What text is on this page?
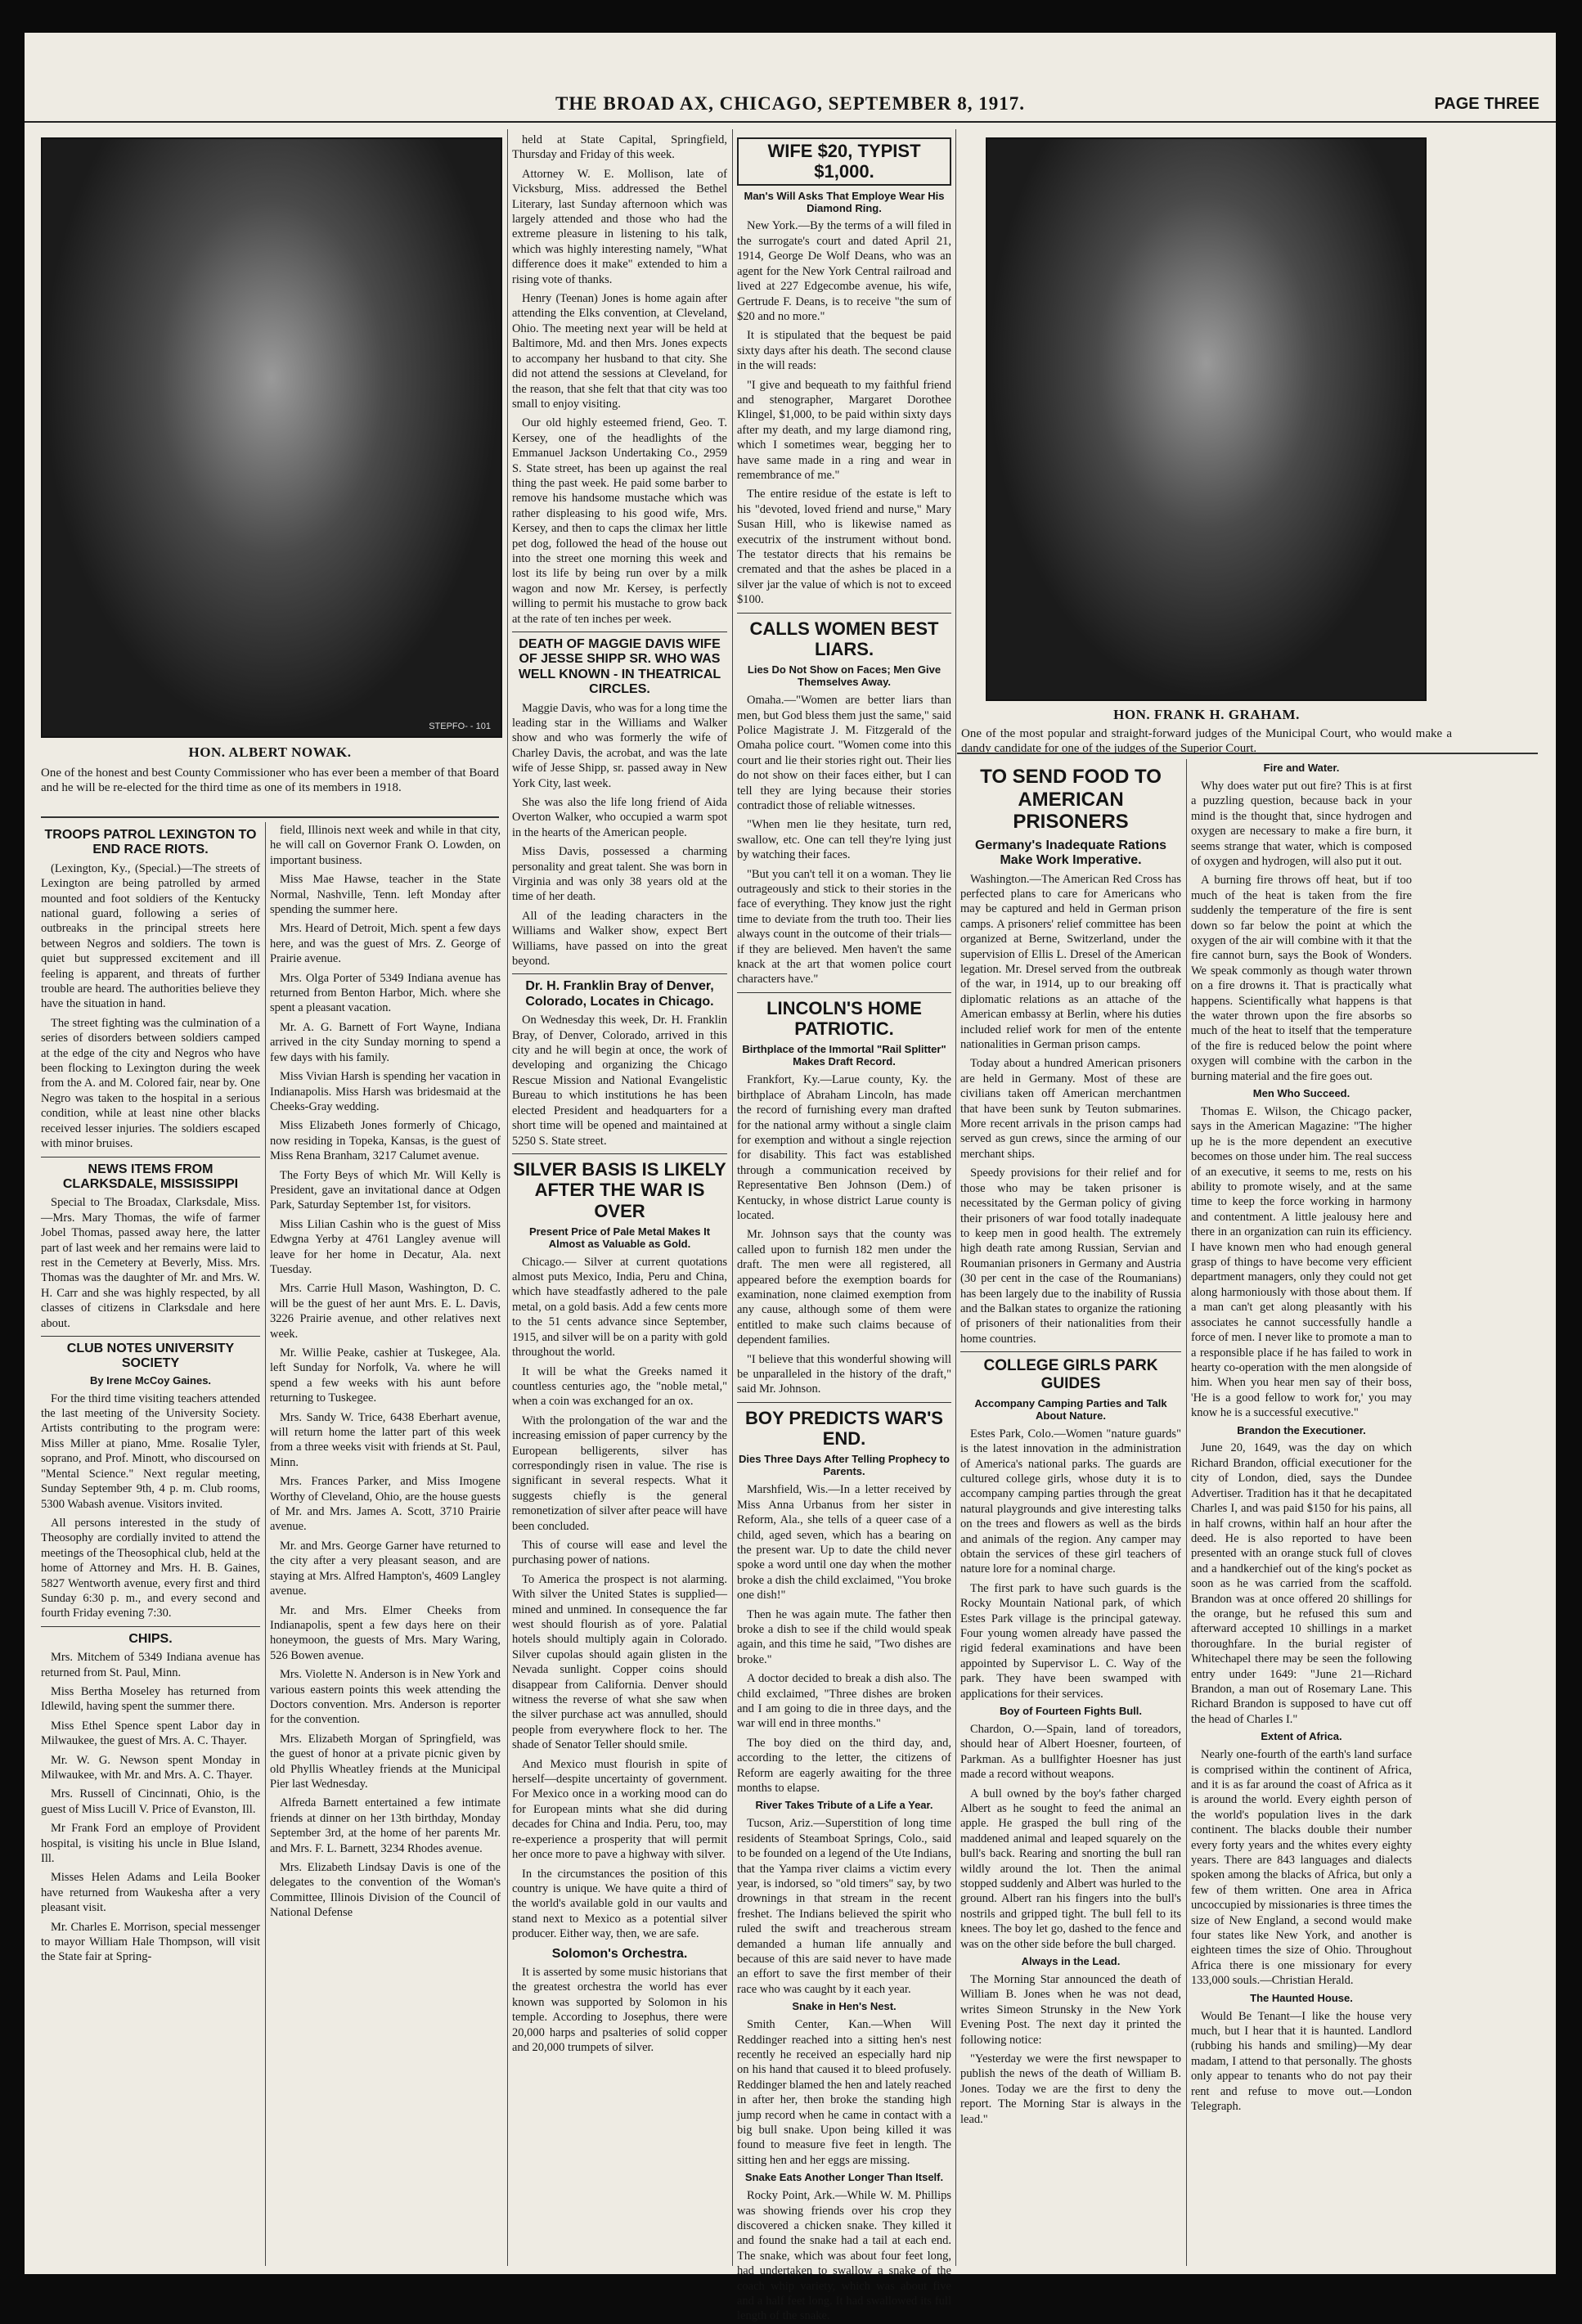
THE BROAD AX, CHICAGO, SEPTEMBER 8, 1917.	PAGE THREE
STEPFO- - 101
HON. ALBERT NOWAK.
One of the honest and best County Commissioner who has ever been a member of that Board and he will be re-elected for the third time as one of its members in 1918.
HON. FRANK H. GRAHAM.
One of the most popular and straight-forward judges of the Municipal Court, who would make a dandy candidate for one of the judges of the Superior Court.
TROOPS PATROL LEXINGTON TO END RACE RIOTS.

(Lexington, Ky., (Special.)—The streets of Lexington are being patrolled by armed mounted and foot soldiers of the Kentucky national guard, following a series of outbreaks in the principal streets here between Negros and soldiers. The town is quiet but suppressed excitement and ill feeling is apparent, and threats of further trouble are heard. The authorities believe they have the situation in hand.

The street fighting was the culmination of a series of disorders between soldiers camped at the edge of the city and Negros who have been flocking to Lexington during the week from the A. and M. Colored fair, near by. One Negro was taken to the hospital in a serious condition, while at least nine other blacks received lesser injuries. The soldiers escaped with minor bruises.

NEWS ITEMS FROM CLARKSDALE, MISSISSIPPI

Special to The Broadax, Clarksdale, Miss.—Mrs. Mary Thomas, the wife of farmer Jobel Thomas, passed away here, the latter part of last week and her remains were laid to rest in the Cemetery at Beverly, Miss. Mrs. Thomas was the daughter of Mr. and Mrs. W. H. Carr and she was highly respected, by all classes of citizens in Clarksdale and here about.

CLUB NOTES UNIVERSITY SOCIETY
By Irene McCoy Gaines.

For the third time visiting teachers attended the last meeting of the University Society. Artists contributing to the program were: Miss Miller at piano, Mme. Rosalie Tyler, soprano, and Prof. Minott, who discoursed on "Mental Science." Next regular meeting, Sunday September 9th, 4 p. m. Club rooms, 5300 Wabash avenue. Visitors invited.

All persons interested in the study of Theosophy are cordially invited to attend the meetings of the Theosophical club, held at the home of Attorney and Mrs. H. B. Gaines, 5827 Wentworth avenue, every first and third Sunday 6:30 p. m., and every second and fourth Friday evening 7:30.

CHIPS.

Mrs. Mitchem of 5349 Indiana avenue has returned from St. Paul, Minn.

Miss Bertha Moseley has returned from Idlewild, having spent the summer there.

Miss Ethel Spence spent Labor day in Milwaukee, the guest of Mrs. A. C. Thayer.

Mr. W. G. Newson spent Monday in Milwaukee, with Mr. and Mrs. A. C. Thayer.

Mrs. Russell of Cincinnati, Ohio, is the guest of Miss Lucill V. Price of Evanston, Ill.

Mr Frank Ford an employe of Provident hospital, is visiting his uncle in Blue Island, Ill.

Misses Helen Adams and Leila Booker have returned from Waukesha after a very pleasant visit.

Mr. Charles E. Morrison, special messenger to mayor William Hale Thompson, will visit the State fair at Spring-

field, Illinois next week and while in that city, he will call on Governor Frank O. Lowden, on important business.

Miss Mae Hawse, teacher in the State Normal, Nashville, Tenn. left Monday after spending the summer here.

Mrs. Heard of Detroit, Mich. spent a few days here, and was the guest of Mrs. Z. George of Prairie avenue.

Mrs. Olga Porter of 5349 Indiana avenue has returned from Benton Harbor, Mich. where she spent a pleasant vacation.

Mr. A. G. Barnett of Fort Wayne, Indiana arrived in the city Sunday morning to spend a few days with his family.

Miss Vivian Harsh is spending her vacation in Indianapolis. Miss Harsh was bridesmaid at the Cheeks-Gray wedding.

Miss Elizabeth Jones formerly of Chicago, now residing in Topeka, Kansas, is the guest of Miss Rena Branham, 3217 Calumet avenue.

The Forty Beys of which Mr. Will Kelly is President, gave an invitational dance at Odgen Park, Saturday September 1st, for visitors.

Miss Lilian Cashin who is the guest of Miss Edwgna Yerby at 4761 Langley avenue will leave for her home in Decatur, Ala. next Tuesday.

Mrs. Carrie Hull Mason, Washington, D. C. will be the guest of her aunt Mrs. E. L. Davis, 3226 Prairie avenue, and other relatives next week.

Mr. Willie Peake, cashier at Tuskegee, Ala. left Sunday for Norfolk, Va. where he will spend a few weeks with his aunt before returning to Tuskegee.

Mrs. Sandy W. Trice, 6438 Eberhart avenue, will return home the latter part of this week from a three weeks visit with friends at St. Paul, Minn.

Mrs. Frances Parker, and Miss Imogene Worthy of Cleveland, Ohio, are the house guests of Mr. and Mrs. James A. Scott, 3710 Prairie avenue.

Mr. and Mrs. George Garner have returned to the city after a very pleasant season, and are staying at Mrs. Alfred Hampton's, 4609 Langley avenue.

Mr. and Mrs. Elmer Cheeks from Indianapolis, spent a few days here on their honeymoon, the guests of Mrs. Mary Waring, 526 Bowen avenue.

Mrs. Violette N. Anderson is in New York and various eastern points this week attending the Doctors convention. Mrs. Anderson is reporter for the convention.

Mrs. Elizabeth Morgan of Springfield, was the guest of honor at a private picnic given by old Phyllis Wheatley friends at the Municipal Pier last Wednesday.

Alfreda Barnett entertained a few intimate friends at dinner on her 13th birthday, Monday September 3rd, at the home of her parents Mr. and Mrs. F. L. Barnett, 3234 Rhodes avenue.

Mrs. Elizabeth Lindsay Davis is one of the delegates to the convention of the Woman's Committee, Illinois Division of the Council of National Defense

held at State Capital, Springfield, Thursday and Friday of this week.

Attorney W. E. Mollison, late of Vicksburg, Miss. addressed the Bethel Literary, last Sunday afternoon which was largely attended and those who had the extreme pleasure in listening to his talk, which was highly interesting namely, "What difference does it make" extended to him a rising vote of thanks.

Henry (Teenan) Jones is home again after attending the Elks convention, at Cleveland, Ohio. The meeting next year will be held at Baltimore, Md. and then Mrs. Jones expects to accompany her husband to that city. She did not attend the sessions at Cleveland, for the reason, that she felt that that city was too small to enjoy visiting.

Our old highly esteemed friend, Geo. T. Kersey, one of the headlights of the Emmanuel Jackson Undertaking Co., 2959 S. State street, has been up against the real thing the past week. He paid some barber to remove his handsome mustache which was rather displeasing to his good wife, Mrs. Kersey, and then to caps the climax her little pet dog, followed the head of the house out into the street one morning this week and lost its life by being run over by a milk wagon and now Mr. Kersey, is perfectly willing to permit his mustache to grow back at the rate of ten inches per week.

DEATH OF MAGGIE DAVIS WIFE OF JESSE SHIPP SR. WHO WAS WELL KNOWN - IN THEATRICAL CIRCLES.

Maggie Davis, who was for a long time the leading star in the Williams and Walker show and who was formerly the wife of Charley Davis, the acrobat, and was the late wife of Jesse Shipp, sr. passed away in New York City, last week.

She was also the life long friend of Aida Overton Walker, who occupied a warm spot in the hearts of the American people.

Miss Davis, possessed a charming personality and great talent. She was born in Virginia and was only 38 years old at the time of her death.

All of the leading characters in the Williams and Walker show, expect Bert Williams, have passed on into the great beyond.

Dr. H. Franklin Bray of Denver, Colorado, Locates in Chicago.

On Wednesday this week, Dr. H. Franklin Bray, of Denver, Colorado, arrived in this city and he will begin at once, the work of developing and organizing the Chicago Rescue Mission and National Evangelistic Bureau to which institutions he has been elected President and headquarters for a short time will be opened and maintained at 5250 S. State street.

SILVER BASIS IS LIKELY AFTER THE WAR IS OVER
Present Price of Pale Metal Makes It Almost as Valuable as Gold.

Chicago.— Silver at current quotations almost puts Mexico, India, Peru and China, which have steadfastly adhered to the pale metal, on a gold basis. Add a few cents more to the 51 cents advance since September, 1915, and silver will be on a parity with gold throughout the world.

It will be what the Greeks named it countless centuries ago, the "noble metal," when a coin was exchanged for an ox.

With the prolongation of the war and the increasing emission of paper currency by the European belligerents, silver has correspondingly risen in value. The rise is significant in several respects. What it suggests chiefly is the general remonetization of silver after peace will have been concluded.

This of course will ease and level the purchasing power of nations.

To America the prospect is not alarming. With silver the United States is supplied—mined and unmined. In consequence the far west should flourish as of yore. Palatial hotels should multiply again in Colorado. Silver cupolas should again glisten in the Nevada sunlight. Copper coins should disappear from California. Denver should witness the reverse of what she saw when the silver purchase act was annulled, should people from everywhere flock to her. The shade of Senator Teller should smile.

And Mexico must flourish in spite of herself—despite uncertainty of government. For Mexico once in a working mood can do for European mints what she did during decades for China and India. Peru, too, may re-experience a prosperity that will permit her once more to pave a highway with silver.

In the circumstances the position of this country is unique. We have quite a third of the world's available gold in our vaults and stand next to Mexico as a potential silver producer. Either way, then, we are safe.

Solomon's Orchestra.

It is asserted by some music historians that the greatest orchestra the world has ever known was supported by Solomon in his temple. According to Josephus, there were 20,000 harps and psalteries of solid copper and 20,000 trumpets of silver.

WIFE $20, TYPIST $1,000.
Man's Will Asks That Employe Wear His Diamond Ring.

New York.—By the terms of a will filed in the surrogate's court and dated April 21, 1914, George De Wolf Deans, who was an agent for the New York Central railroad and lived at 227 Edgecombe avenue, his wife, Gertrude F. Deans, is to receive "the sum of $20 and no more."

It is stipulated that the bequest be paid sixty days after his death. The second clause in the will reads:

"I give and bequeath to my faithful friend and stenographer, Margaret Dorothee Klingel, $1,000, to be paid within sixty days after my death, and my large diamond ring, which I sometimes wear, begging her to have same made in a ring and wear in remembrance of me."

The entire residue of the estate is left to his "devoted, loved friend and nurse," Mary Susan Hill, who is likewise named as executrix of the instrument without bond. The testator directs that his remains be cremated and that the ashes be placed in a silver jar the value of which is not to exceed $100.

CALLS WOMEN BEST LIARS.
Lies Do Not Show on Faces; Men Give Themselves Away.

Omaha.—"Women are better liars than men, but God bless them just the same," said Police Magistrate J. M. Fitzgerald of the Omaha police court. "Women come into this court and lie their stories right out. Their lies do not show on their faces either, but I can tell they are lying because their stories contradict those of reliable witnesses.

"When men lie they hesitate, turn red, swallow, etc. One can tell they're lying just by watching their faces.

"But you can't tell it on a woman. They lie outrageously and stick to their stories in the face of everything. They know just the right time to deviate from the truth too. Their lies always count in the outcome of their trials—if they are believed. Men haven't the same knack at the art that women police court characters have."

LINCOLN'S HOME PATRIOTIC.
Birthplace of the Immortal "Rail Splitter" Makes Draft Record.

Frankfort, Ky.—Larue county, Ky. the birthplace of Abraham Lincoln, has made the record of furnishing every man drafted for the national army without a single claim for exemption and without a single rejection for disability. This fact was established through a communication received by Representative Ben Johnson (Dem.) of Kentucky, in whose district Larue county is located.

Mr. Johnson says that the county was called upon to furnish 182 men under the draft. The men were all registered, all appeared before the exemption boards for examination, none claimed exemption from any cause, although some of them were entitled to make such claims because of dependent families.

"I believe that this wonderful showing will be unparalleled in the history of the draft," said Mr. Johnson.

BOY PREDICTS WAR'S END.
Dies Three Days After Telling Prophecy to Parents.

Marshfield, Wis.—In a letter received by Miss Anna Urbanus from her sister in Reform, Ala., she tells of a queer case of a child, aged seven, which has a bearing on the present war. Up to date the child never spoke a word until one day when the mother broke a dish the child exclaimed, "You broke one dish!"

Then he was again mute. The father then broke a dish to see if the child would speak again, and this time he said, "Two dishes are broke."

A doctor decided to break a dish also. The child exclaimed, "Three dishes are broken and I am going to die in three days, and the war will end in three months."

The boy died on the third day, and, according to the letter, the citizens of Reform are eagerly awaiting for the three months to elapse.

River Takes Tribute of a Life a Year.

Tucson, Ariz.—Superstition of long time residents of Steamboat Springs, Colo., said to be founded on a legend of the Ute Indians, that the Yampa river claims a victim every year, is indorsed, so "old timers" say, by two drownings in that stream in the recent freshet. The Indians believed the spirit who ruled the swift and treacherous stream demanded a human life annually and because of this are said never to have made an effort to save the first member of their race who was caught by it each year.

Snake in Hen's Nest.

Smith Center, Kan.—When Will Reddinger reached into a sitting hen's nest recently he received an especially hard nip on his hand that caused it to bleed profusely. Reddinger blamed the hen and lately reached in after her, then broke the standing high jump record when he came in contact with a big bull snake. Upon being killed it was found to measure five feet in length. The sitting hen and her eggs are missing.

Snake Eats Another Longer Than Itself.

Rocky Point, Ark.—While W. M. Phillips was showing friends over his crop they discovered a chicken snake. They killed it and found the snake had a tail at each end. The snake, which was about four feet long, had undertaken to swallow a snake of the coach whip variety, which was about five and a half feet long. It had swallowed its full length of the snake.

TO SEND FOOD TO AMERICAN PRISONERS
Germany's Inadequate Rations Make Work Imperative.

Washington.—The American Red Cross has perfected plans to care for Americans who may be captured and held in German prison camps. A prisoners' relief committee has been organized at Berne, Switzerland, under the supervision of Ellis L. Dresel of the American legation. Mr. Dresel served from the outbreak of the war, in 1914, up to our breaking off diplomatic relations as an attache of the American embassy at Berlin, where his duties included relief work for men of the entente nationalities in German prison camps.

Today about a hundred American prisoners are held in Germany. Most of these are civilians taken off American merchantmen that have been sunk by Teuton submarines. More recent arrivals in the prison camps had served as gun crews, since the arming of our merchant ships.

Speedy provisions for their relief and for those who may be taken prisoner is necessitated by the German policy of giving their prisoners of war food totally inadequate to keep men in good health. The extremely high death rate among Russian, Servian and Roumanian prisoners in Germany and Austria (30 per cent in the case of the Roumanians) has been largely due to the inability of Russia and the Balkan states to organize the rationing of prisoners of their nationalities from their home countries.

COLLEGE GIRLS PARK GUIDES
Accompany Camping Parties and Talk About Nature.

Estes Park, Colo.—Women "nature guards" is the latest innovation in the administration of America's national parks. The guards are cultured college girls, whose duty it is to accompany camping parties through the great natural playgrounds and give interesting talks on the trees and flowers as well as the birds and animals of the region. Any camper may obtain the services of these girl teachers of nature lore for a nominal charge.

The first park to have such guards is the Rocky Mountain National park, of which Estes Park village is the principal gateway. Four young women already have passed the rigid federal examinations and have been appointed by Supervisor L. C. Way of the park. They have been swamped with applications for their services.

Boy of Fourteen Fights Bull.

Chardon, O.—Spain, land of toreadors, should hear of Albert Hoesner, fourteen, of Parkman. As a bullfighter Hoesner has just made a record without weapons.

A bull owned by the boy's father charged Albert as he sought to feed the animal an apple. He grasped the bull ring of the maddened animal and leaped squarely on the bull's back. Rearing and snorting the bull ran wildly around the lot. Then the animal stopped suddenly and Albert was hurled to the ground. Albert ran his fingers into the bull's nostrils and gripped tight. The bull fell to its knees. The boy let go, dashed to the fence and was on the other side before the bull charged.

Always in the Lead.

The Morning Star announced the death of William B. Jones when he was not dead, writes Simeon Strunsky in the New York Evening Post. The next day it printed the following notice:

"Yesterday we were the first newspaper to publish the news of the death of William B. Jones. Today we are the first to deny the report. The Morning Star is always in the lead."

Fire and Water.

Why does water put out fire? This is at first a puzzling question, because back in your mind is the thought that, since hydrogen and oxygen are necessary to make a fire burn, it seems strange that water, which is composed of oxygen and hydrogen, will also put it out.

A burning fire throws off heat, but if too much of the heat is taken from the fire suddenly the temperature of the fire is sent down so far below the point at which the oxygen of the air will combine with it that the fire cannot burn, says the Book of Wonders. We speak commonly as though water thrown on a fire drowns it. That is practically what happens. Scientifically what happens is that the water thrown upon the fire absorbs so much of the heat to itself that the temperature of the fire is reduced below the point where oxygen will combine with the carbon in the burning material and the fire goes out.

Men Who Succeed.

Thomas E. Wilson, the Chicago packer, says in the American Magazine: "The higher up he is the more dependent an executive becomes on those under him. The real success of an executive, it seems to me, rests on his ability to promote wisely, and at the same time to keep the force working in harmony and contentment. A little jealousy here and there in an organization can ruin its efficiency. I have known men who had enough general grasp of things to have become very efficient department managers, only they could not get along harmoniously with those about them. If a man can't get along pleasantly with his associates he cannot successfully handle a force of men. I never like to promote a man to a responsible place if he has failed to work in hearty co-operation with the men alongside of him. When you hear men say of their boss, 'He is a good fellow to work for,' you may know he is a successful executive."

Brandon the Executioner.

June 20, 1649, was the day on which Richard Brandon, official executioner for the city of London, died, says the Dundee Advertiser. Tradition has it that he decapitated Charles I, and was paid $150 for his pains, all in half crowns, within half an hour after the deed. He is also reported to have been presented with an orange stuck full of cloves and a handkerchief out of the king's pocket as soon as he was carried from the scaffold. Brandon was at once offered 20 shillings for the orange, but he refused this sum and afterward accepted 10 shillings in a market thoroughfare. In the burial register of Whitechapel there may be seen the following entry under 1649: "June 21—Richard Brandon, a man out of Rosemary Lane. This Richard Brandon is supposed to have cut off the head of Charles I."

Extent of Africa.

Nearly one-fourth of the earth's land surface is comprised within the continent of Africa, and it is as far around the coast of Africa as it is around the world. Every eighth person of the world's population lives in the dark continent. The blacks double their number every forty years and the whites every eighty years. There are 843 languages and dialects spoken among the blacks of Africa, but only a few of them written. One area in Africa uncoccupied by missionaries is three times the size of New England, a second would make four states like New York, and another is eighteen times the size of Ohio. Throughout Africa there is one missionary for every 133,000 souls.—Christian Herald.

The Haunted House.

Would Be Tenant—I like the house very much, but I hear that it is haunted. Landlord (rubbing his hands and smiling)—My dear madam, I attend to that personally. The ghosts only appear to tenants who do not pay their rent and refuse to move out.—London Telegraph.
